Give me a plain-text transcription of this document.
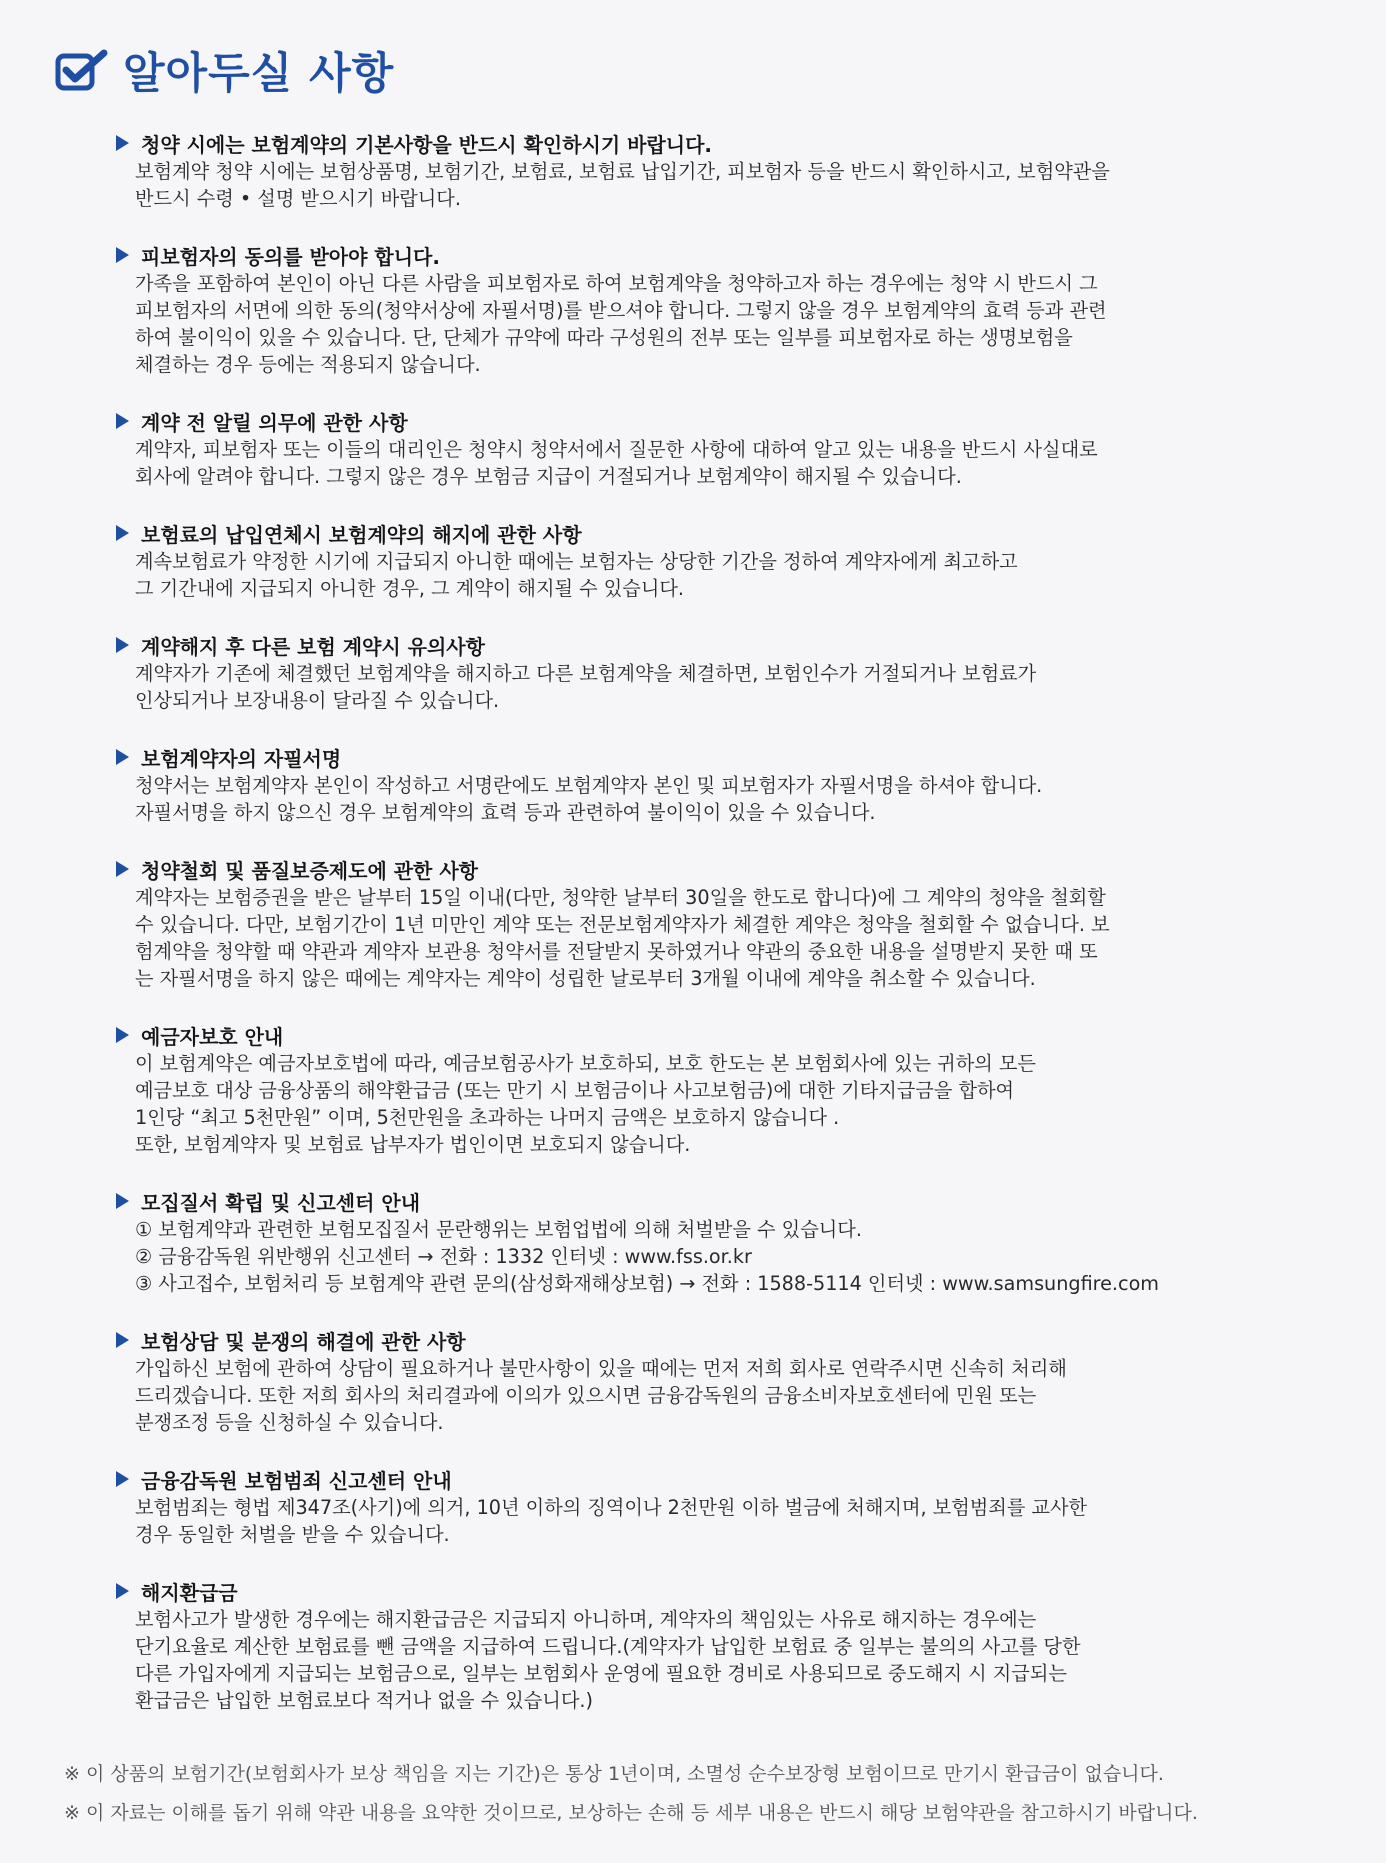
알아두실 사항
청약 시에는 보험계약의 기본사항을 반드시 확인하시기 바랍니다.
보험계약 청약 시에는 보험상품명, 보험기간, 보험료, 보험료 납입기간, 피보험자 등을 반드시 확인하시고, 보험약관을
반드시 수령 • 설명 받으시기 바랍니다.
피보험자의 동의를 받아야 합니다.
가족을 포함하여 본인이 아닌 다른 사람을 피보험자로 하여 보험계약을 청약하고자 하는 경우에는 청약 시 반드시 그
피보험자의 서면에 의한 동의(청약서상에 자필서명)를 받으셔야 합니다. 그렇지 않을 경우 보험계약의 효력 등과 관련
하여 불이익이 있을 수 있습니다. 단, 단체가 규약에 따라 구성원의 전부 또는 일부를 피보험자로 하는 생명보험을
체결하는 경우 등에는 적용되지 않습니다.
계약 전 알릴 의무에 관한 사항
계약자, 피보험자 또는 이들의 대리인은 청약시 청약서에서 질문한 사항에 대하여 알고 있는 내용을 반드시 사실대로
회사에 알려야 합니다. 그렇지 않은 경우 보험금 지급이 거절되거나 보험계약이 해지될 수 있습니다.
보험료의 납입연체시 보험계약의 해지에 관한 사항
계속보험료가 약정한 시기에 지급되지 아니한 때에는 보험자는 상당한 기간을 정하여 계약자에게 최고하고
그 기간내에 지급되지 아니한 경우, 그 계약이 해지될 수 있습니다.
계약해지 후 다른 보험 계약시 유의사항
계약자가 기존에 체결했던 보험계약을 해지하고 다른 보험계약을 체결하면, 보험인수가 거절되거나 보험료가
인상되거나 보장내용이 달라질 수 있습니다.
보험계약자의 자필서명
청약서는 보험계약자 본인이 작성하고 서명란에도 보험계약자 본인 및 피보험자가 자필서명을 하셔야 합니다.
자필서명을 하지 않으신 경우 보험계약의 효력 등과 관련하여 불이익이 있을 수 있습니다.
청약철회 및 품질보증제도에 관한 사항
계약자는 보험증권을 받은 날부터 15일 이내(다만, 청약한 날부터 30일을 한도로 합니다)에 그 계약의 청약을 철회할
수 있습니다. 다만, 보험기간이 1년 미만인 계약 또는 전문보험계약자가 체결한 계약은 청약을 철회할 수 없습니다. 보
험계약을 청약할 때 약관과 계약자 보관용 청약서를 전달받지 못하였거나 약관의 중요한 내용을 설명받지 못한 때 또
는 자필서명을 하지 않은 때에는 계약자는 계약이 성립한 날로부터 3개월 이내에 계약을 취소할 수 있습니다.
예금자보호 안내
이 보험계약은 예금자보호법에 따라, 예금보험공사가 보호하되, 보호 한도는 본 보험회사에 있는 귀하의 모든
예금보호 대상 금융상품의 해약환급금 (또는 만기 시 보험금이나 사고보험금)에 대한 기타지급금을 합하여
1인당 “최고 5천만원” 이며, 5천만원을 초과하는 나머지 금액은 보호하지 않습니다 .
또한, 보험계약자 및 보험료 납부자가 법인이면 보호되지 않습니다.
모집질서 확립 및 신고센터 안내
① 보험계약과 관련한 보험모집질서 문란행위는 보험업법에 의해 처벌받을 수 있습니다.
② 금융감독원 위반행위 신고센터 → 전화 : 1332 인터넷 : www.fss.or.kr
③ 사고접수, 보험처리 등 보험계약 관련 문의(삼성화재해상보험) → 전화 : 1588-5114 인터넷 : www.samsungfire.com
보험상담 및 분쟁의 해결에 관한 사항
가입하신 보험에 관하여 상담이 필요하거나 불만사항이 있을 때에는 먼저 저희 회사로 연락주시면 신속히 처리해
드리겠습니다. 또한 저희 회사의 처리결과에 이의가 있으시면 금융감독원의 금융소비자보호센터에 민원 또는
분쟁조정 등을 신청하실 수 있습니다.
금융감독원 보험범죄 신고센터 안내
보험범죄는 형법 제347조(사기)에 의거, 10년 이하의 징역이나 2천만원 이하 벌금에 처해지며, 보험범죄를 교사한
경우 동일한 처벌을 받을 수 있습니다.
해지환급금
보험사고가 발생한 경우에는 해지환급금은 지급되지 아니하며, 계약자의 책임있는 사유로 해지하는 경우에는
단기요율로 계산한 보험료를 뺀 금액을 지급하여 드립니다.(계약자가 납입한 보험료 중 일부는 불의의 사고를 당한
다른 가입자에게 지급되는 보험금으로, 일부는 보험회사 운영에 필요한 경비로 사용되므로 중도해지 시 지급되는
환급금은 납입한 보험료보다 적거나 없을 수 있습니다.)
※ 이 상품의 보험기간(보험회사가 보상 책임을 지는 기간)은 통상 1년이며, 소멸성 순수보장형 보험이므로 만기시 환급금이 없습니다.
※ 이 자료는 이해를 돕기 위해 약관 내용을 요약한 것이므로, 보상하는 손해 등 세부 내용은 반드시 해당 보험약관을 참고하시기 바랍니다.
